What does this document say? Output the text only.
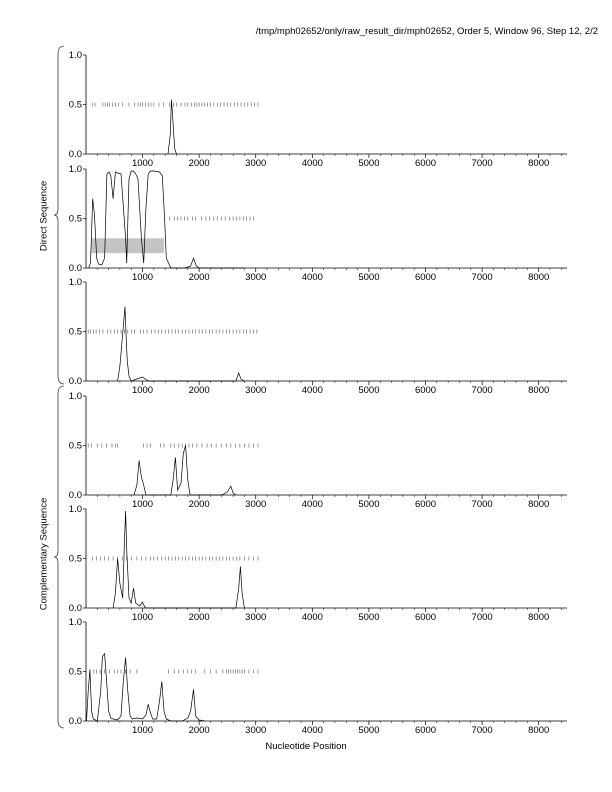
/tmp/mph02652/only/raw_result_dir/mph02652, Order 5, Window 96, Step 12, 2/2
0.0
0.5
1.0
1000	2000	3000	4000	5000	6000	7000	8000
0.0
0.5
1.0
1000	2000	3000	4000	5000	6000	7000	8000
0.0
0.5
1.0
1000	2000	3000	4000	5000	6000	7000	8000
0.0
0.5
1.0
1000	2000	3000	4000	5000	6000	7000	8000
0.0
0.5
1.0
1000	2000	3000	4000	5000	6000	7000	8000
0.0
0.5
1.0
1000	2000	3000	4000	5000	6000	7000	8000
Direct Sequence
Complementary Sequence
Nucleotide Position
